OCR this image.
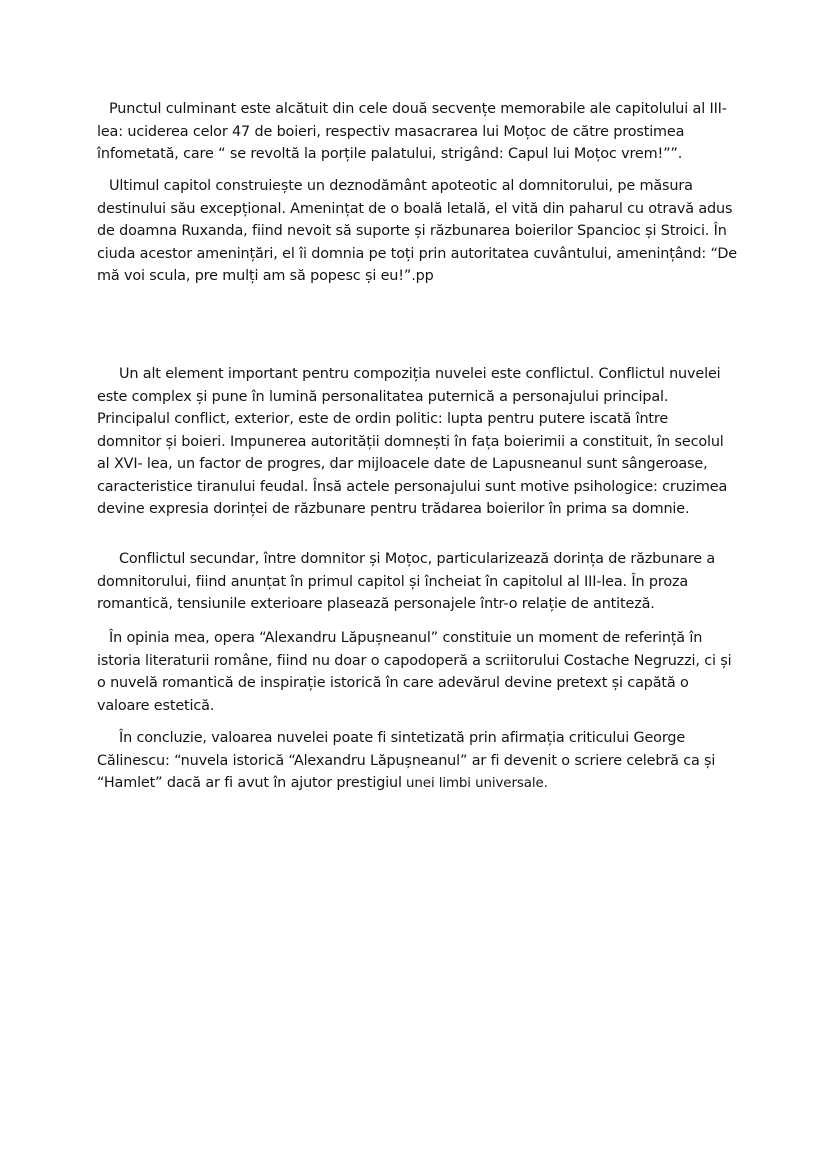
Punctul culminant este alcătuit din cele două secvențe memorabile ale capitolului al III-lea: uciderea celor 47 de boieri, respectiv masacrarea lui Moțoc de către prostimea înfometată, care “ se revoltă la porțile palatului, strigând: Capul lui Moțoc vrem!””.

Ultimul capitol construiește un deznodământ apoteotic al domnitorului, pe măsura destinului său excepțional. Amenințat de o boală letală, el vită din paharul cu otravă adus de doamna Ruxanda, fiind nevoit să suporte și răzbunarea boierilor Spancioc și Stroici. În ciuda acestor amenințări, el îi domnia pe toți prin autoritatea cuvântului, amenințând: “De mă voi scula, pre mulți am să popesc și eu!”.pp

Un alt element important pentru compoziția nuvelei este conflictul. Conflictul nuvelei este complex și pune în lumină personalitatea puternică a personajului principal. Principalul conflict, exterior, este de ordin politic: lupta pentru putere iscată între domnitor și boieri. Impunerea autorității domnești în fața boierimii a constituit, în secolul al XVI- lea, un factor de progres, dar mijloacele date de Lapusneanul sunt sângeroase, caracteristice tiranului feudal. Însă actele personajului sunt motive psihologice: cruzimea devine expresia dorinței de răzbunare pentru trădarea boierilor în prima sa domnie.

Conflictul secundar, între domnitor și Moțoc, particularizează dorința de răzbunare a domnitorului, fiind anunțat în primul capitol și încheiat în capitolul al III-lea. În proza romantică, tensiunile exterioare plasează personajele într-o relație de antiteză.

În opinia mea, opera “Alexandru Lăpușneanul” constituie un moment de referință în istoria literaturii române, fiind nu doar o capodoperă a scriitorului Costache Negruzzi, ci și o nuvelă romantică de inspirație istorică în care adevărul devine pretext și capătă o valoare estetică.

În concluzie, valoarea nuvelei poate fi sintetizată prin afirmația criticului George Călinescu: “nuvela istorică “Alexandru Lăpușneanul” ar fi devenit o scriere celebră ca și “Hamlet” dacă ar fi avut în ajutor prestigiul unei limbi universale.
